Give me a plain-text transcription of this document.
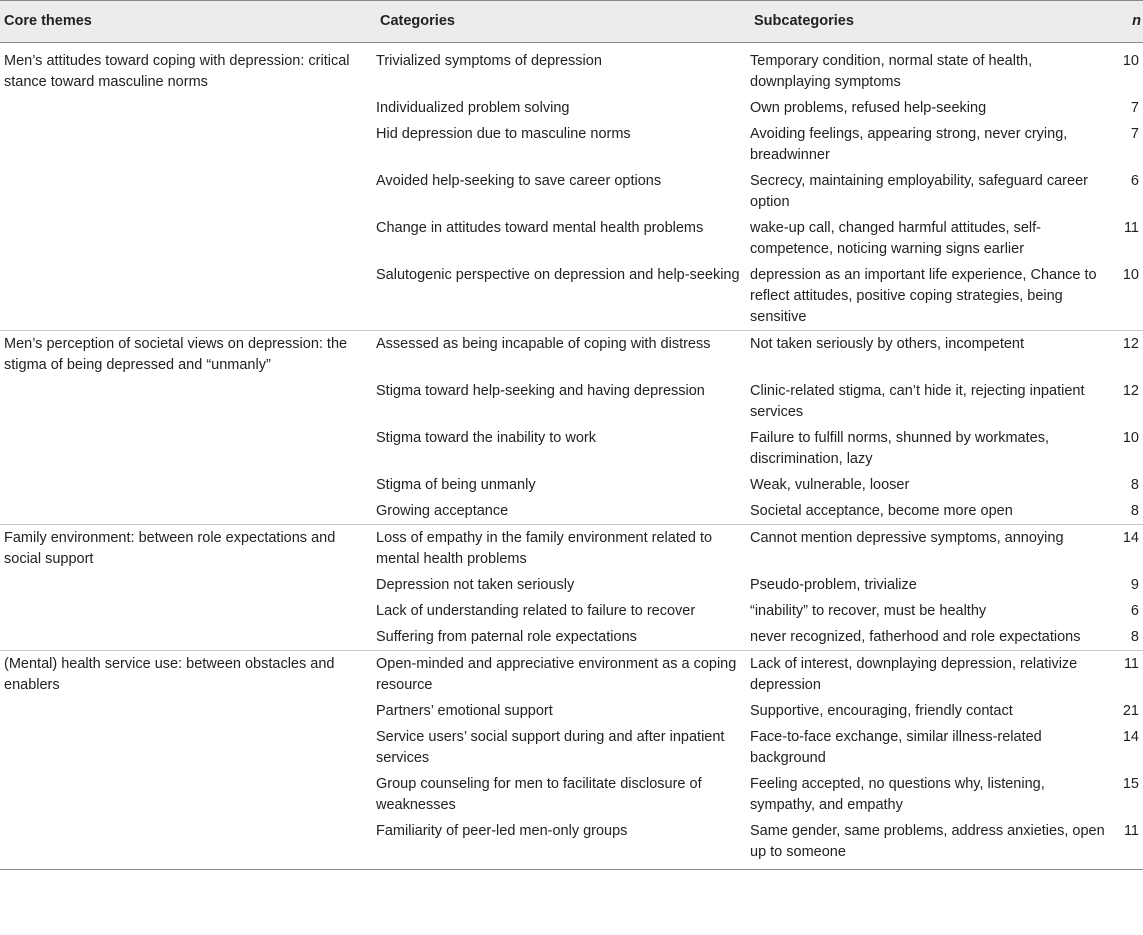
Core themes	Categories	Subcategories	n
Men’s attitudes toward coping with depression: critical stance toward masculine norms	Trivialized symptoms of depression	Temporary condition, normal state of health, downplaying symptoms	10
	Individualized problem solving	Own problems, refused help-seeking	7
	Hid depression due to masculine norms	Avoiding feelings, appearing strong, never crying, breadwinner	7
	Avoided help-seeking to save career options	Secrecy, maintaining employability, safeguard career option	6
	Change in attitudes toward mental health problems	wake-up call, changed harmful attitudes, self-competence, noticing warning signs earlier	11
	Salutogenic perspective on depression and help-seeking	depression as an important life experience, Chance to reflect attitudes, positive coping strategies, being sensitive	10
Men’s perception of societal views on depression: the stigma of being depressed and “unmanly”	Assessed as being incapable of coping with distress	Not taken seriously by others, incompetent	12
	Stigma toward help-seeking and having depression	Clinic-related stigma, can’t hide it, rejecting inpatient services	12
	Stigma toward the inability to work	Failure to fulfill norms, shunned by workmates, discrimination, lazy	10
	Stigma of being unmanly	Weak, vulnerable, looser	8
	Growing acceptance	Societal acceptance, become more open	8
Family environment: between role expectations and social support	Loss of empathy in the family environment related to mental health problems	Cannot mention depressive symptoms, annoying	14
	Depression not taken seriously	Pseudo-problem, trivialize	9
	Lack of understanding related to failure to recover	“inability” to recover, must be healthy	6
	Suffering from paternal role expectations	never recognized, fatherhood and role expectations	8
(Mental) health service use: between obstacles and enablers	Open-minded and appreciative environment as a coping resource	Lack of interest, downplaying depression, relativize depression	11
	Partners’ emotional support	Supportive, encouraging, friendly contact	21
	Service users’ social support during and after inpatient services	Face-to-face exchange, similar illness-related background	14
	Group counseling for men to facilitate disclosure of weaknesses	Feeling accepted, no questions why, listening, sympathy, and empathy	15
	Familiarity of peer-led men-only groups	Same gender, same problems, address anxieties, open up to someone	11
